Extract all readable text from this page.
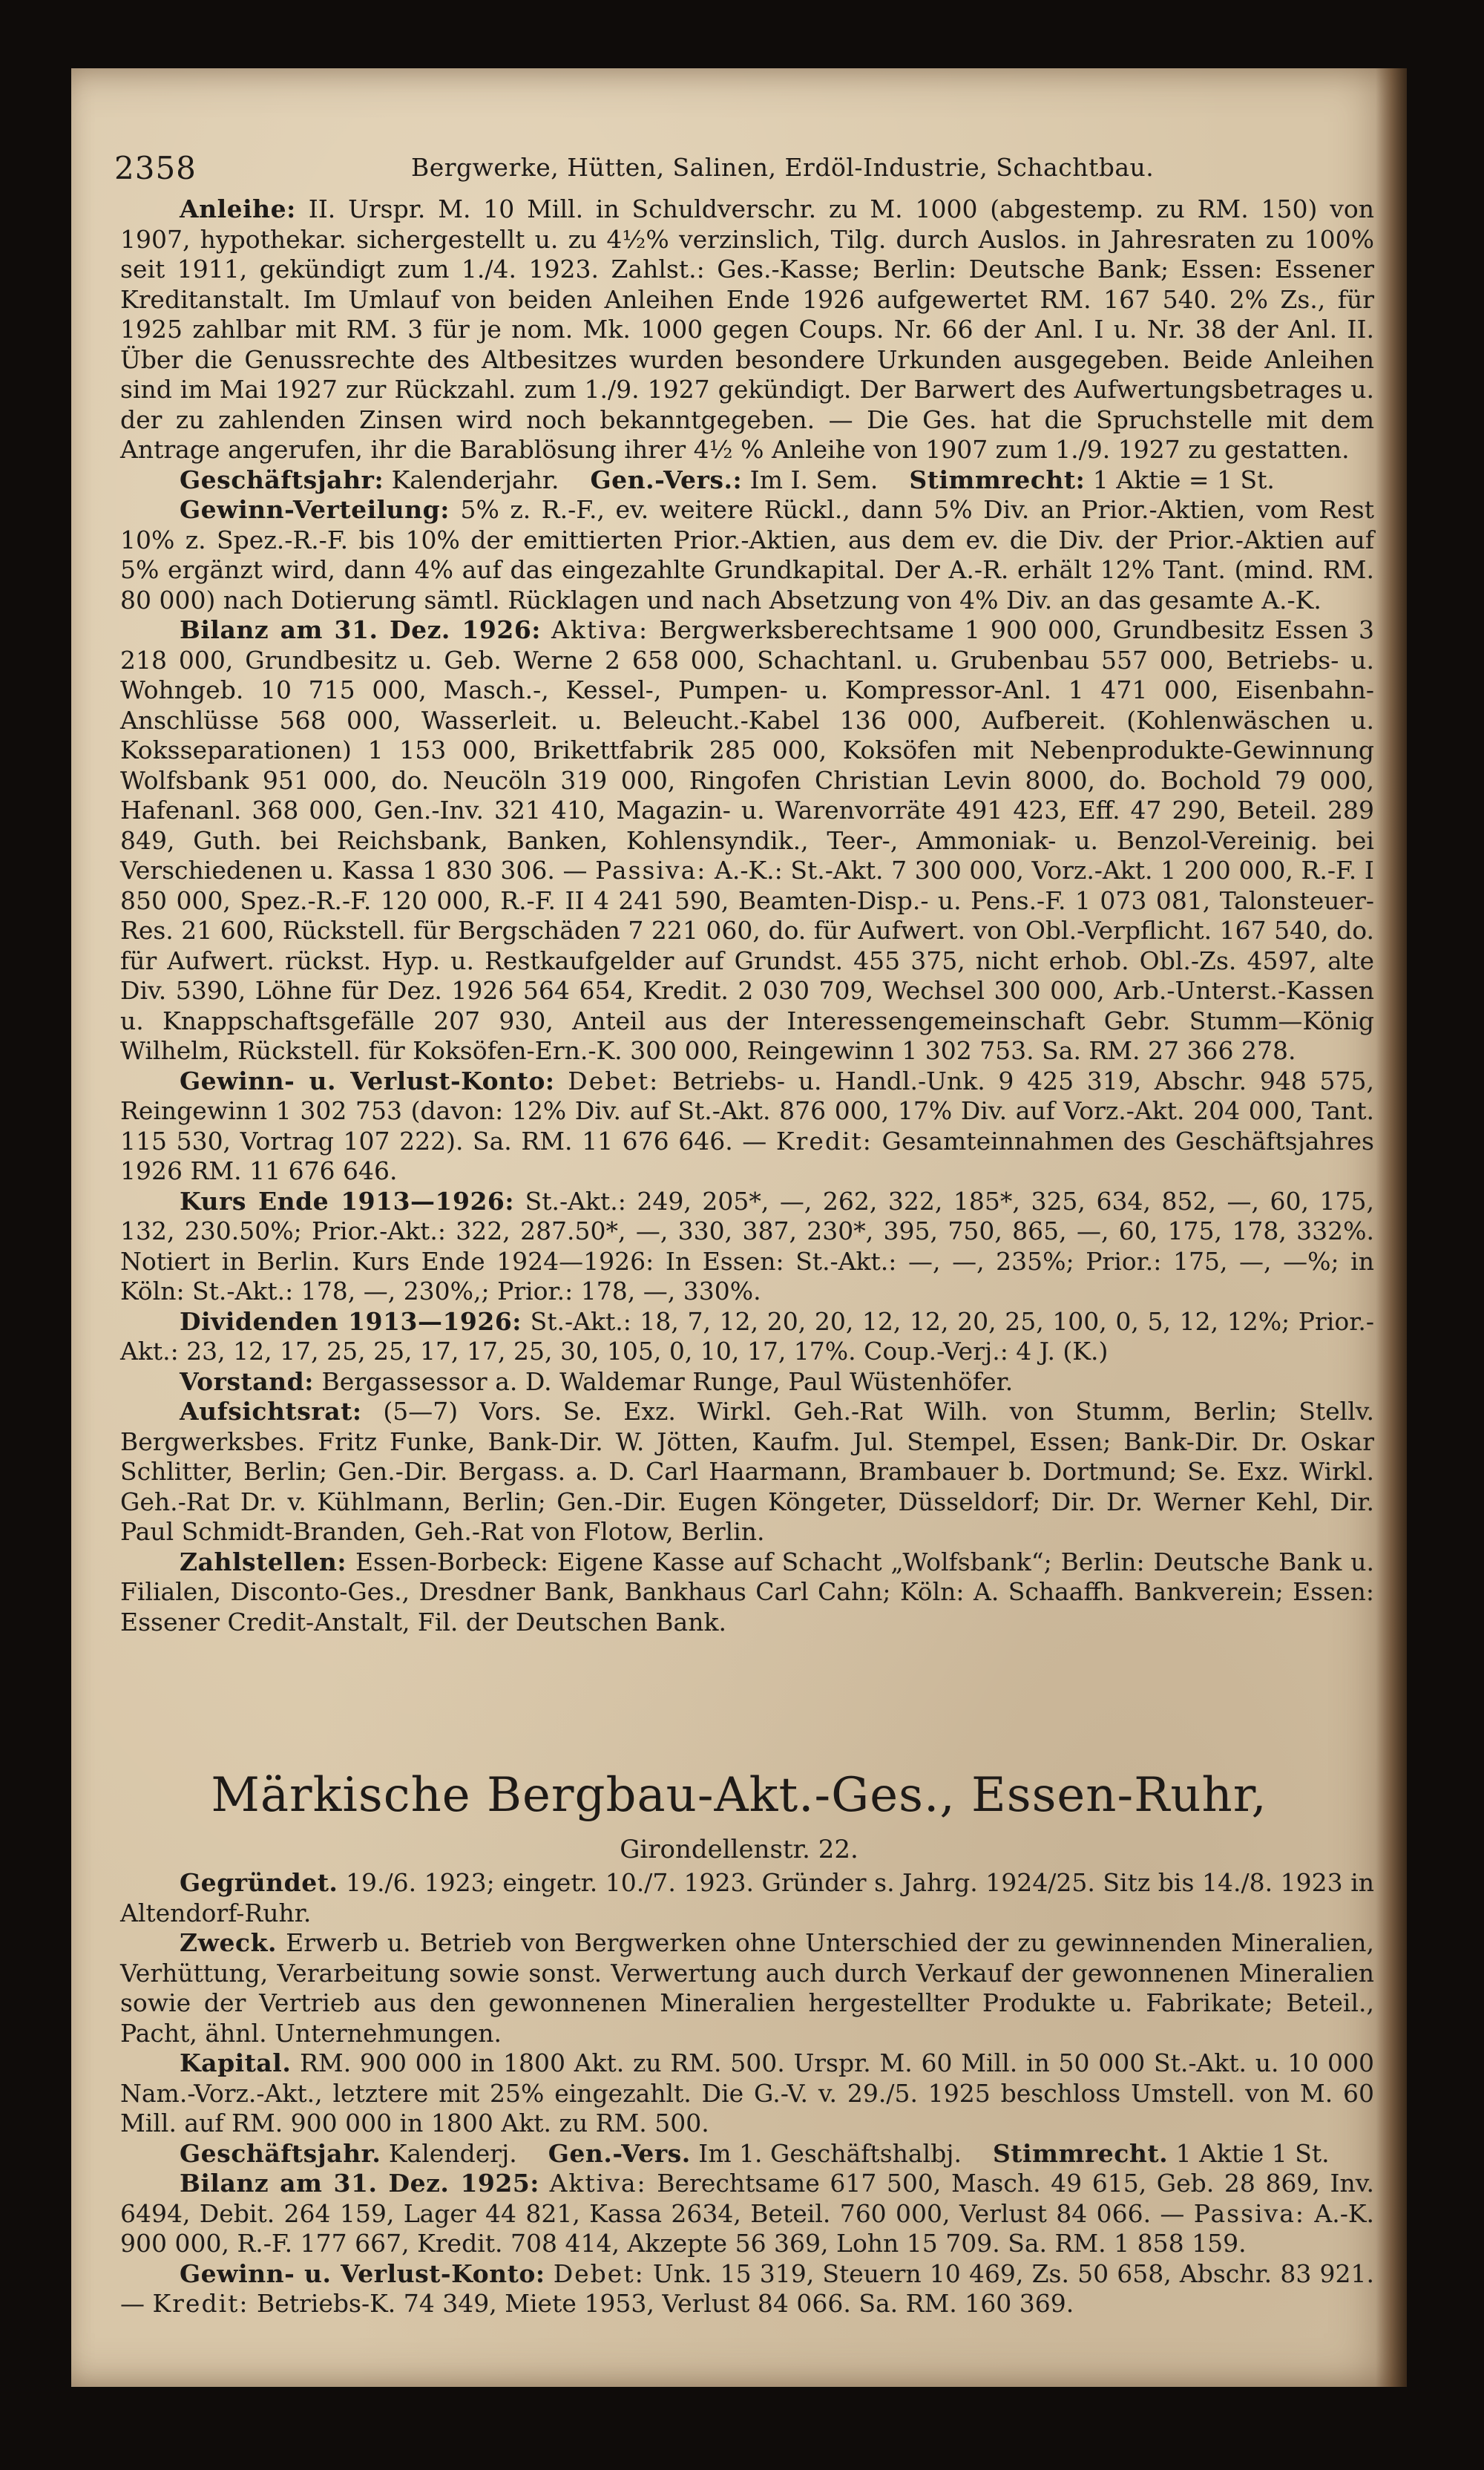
2358	Bergwerke, Hütten, Salinen, Erdöl-Industrie, Schachtbau.

Anleihe: II. Urspr. M. 10 Mill. in Schuldverschr. zu M. 1000 (abgestemp. zu RM. 150) von 1907, hypothekar. sichergestellt u. zu 4½% verzinslich, Tilg. durch Auslos. in Jahresraten zu 100% seit 1911, gekündigt zum 1./4. 1923. Zahlst.: Ges.-Kasse; Berlin: Deutsche Bank; Essen: Essener Kreditanstalt. Im Umlauf von beiden Anleihen Ende 1926 aufgewertet RM. 167 540. 2% Zs., für 1925 zahlbar mit RM. 3 für je nom. Mk. 1000 gegen Coups. Nr. 66 der Anl. I u. Nr. 38 der Anl. II. Über die Genussrechte des Altbesitzes wurden besondere Urkunden ausgegeben. Beide Anleihen sind im Mai 1927 zur Rückzahl. zum 1./9. 1927 gekündigt. Der Barwert des Aufwertungsbetrages u. der zu zahlenden Zinsen wird noch bekanntgegeben. — Die Ges. hat die Spruchstelle mit dem Antrage angerufen, ihr die Barablösung ihrer 4½ % Anleihe von 1907 zum 1./9. 1927 zu gestatten.

Geschäftsjahr: Kalenderjahr. Gen.-Vers.: Im I. Sem. Stimmrecht: 1 Aktie = 1 St.

Gewinn-Verteilung: 5% z. R.-F., ev. weitere Rückl., dann 5% Div. an Prior.-Aktien, vom Rest 10% z. Spez.-R.-F. bis 10% der emittierten Prior.-Aktien, aus dem ev. die Div. der Prior.-Aktien auf 5% ergänzt wird, dann 4% auf das eingezahlte Grundkapital. Der A.-R. erhält 12% Tant. (mind. RM. 80 000) nach Dotierung sämtl. Rücklagen und nach Absetzung von 4% Div. an das gesamte A.-K.

Bilanz am 31. Dez. 1926: Aktiva: Bergwerksberechtsame 1 900 000, Grundbesitz Essen 3 218 000, Grundbesitz u. Geb. Werne 2 658 000, Schachtanl. u. Grubenbau 557 000, Betriebs- u. Wohngeb. 10 715 000, Masch.-, Kessel-, Pumpen- u. Kompressor-Anl. 1 471 000, Eisenbahn-Anschlüsse 568 000, Wasserleit. u. Beleucht.-Kabel 136 000, Aufbereit. (Kohlenwäschen u. Koksseparationen) 1 153 000, Brikettfabrik 285 000, Koksöfen mit Nebenprodukte-Gewinnung Wolfsbank 951 000, do. Neucöln 319 000, Ringofen Christian Levin 8000, do. Bochold 79 000, Hafenanl. 368 000, Gen.-Inv. 321 410, Magazin- u. Warenvorräte 491 423, Eff. 47 290, Beteil. 289 849, Guth. bei Reichsbank, Banken, Kohlensyndik., Teer-, Ammoniak- u. Benzol-Vereinig. bei Verschiedenen u. Kassa 1 830 306. — Passiva: A.-K.: St.-Akt. 7 300 000, Vorz.-Akt. 1 200 000, R.-F. I 850 000, Spez.-R.-F. 120 000, R.-F. II 4 241 590, Beamten-Disp.- u. Pens.-F. 1 073 081, Talonsteuer-Res. 21 600, Rückstell. für Bergschäden 7 221 060, do. für Aufwert. von Obl.-Verpflicht. 167 540, do. für Aufwert. rückst. Hyp. u. Restkaufgelder auf Grundst. 455 375, nicht erhob. Obl.-Zs. 4597, alte Div. 5390, Löhne für Dez. 1926 564 654, Kredit. 2 030 709, Wechsel 300 000, Arb.-Unterst.-Kassen u. Knappschaftsgefälle 207 930, Anteil aus der Interessengemeinschaft Gebr. Stumm—König Wilhelm, Rückstell. für Koksöfen-Ern.-K. 300 000, Reingewinn 1 302 753. Sa. RM. 27 366 278.

Gewinn- u. Verlust-Konto: Debet: Betriebs- u. Handl.-Unk. 9 425 319, Abschr. 948 575, Reingewinn 1 302 753 (davon: 12% Div. auf St.-Akt. 876 000, 17% Div. auf Vorz.-Akt. 204 000, Tant. 115 530, Vortrag 107 222). Sa. RM. 11 676 646. — Kredit: Gesamteinnahmen des Geschäftsjahres 1926 RM. 11 676 646.

Kurs Ende 1913—1926: St.-Akt.: 249, 205*, —, 262, 322, 185*, 325, 634, 852, —, 60, 175, 132, 230.50%; Prior.-Akt.: 322, 287.50*, —, 330, 387, 230*, 395, 750, 865, —, 60, 175, 178, 332%. Notiert in Berlin. Kurs Ende 1924—1926: In Essen: St.-Akt.: —, —, 235%; Prior.: 175, —, —%; in Köln: St.-Akt.: 178, —, 230%,; Prior.: 178, —, 330%.

Dividenden 1913—1926: St.-Akt.: 18, 7, 12, 20, 20, 12, 12, 20, 25, 100, 0, 5, 12, 12%; Prior.-Akt.: 23, 12, 17, 25, 25, 17, 17, 25, 30, 105, 0, 10, 17, 17%. Coup.-Verj.: 4 J. (K.)

Vorstand: Bergassessor a. D. Waldemar Runge, Paul Wüstenhöfer.

Aufsichtsrat: (5—7) Vors. Se. Exz. Wirkl. Geh.-Rat Wilh. von Stumm, Berlin; Stellv. Bergwerksbes. Fritz Funke, Bank-Dir. W. Jötten, Kaufm. Jul. Stempel, Essen; Bank-Dir. Dr. Oskar Schlitter, Berlin; Gen.-Dir. Bergass. a. D. Carl Haarmann, Brambauer b. Dortmund; Se. Exz. Wirkl. Geh.-Rat Dr. v. Kühlmann, Berlin; Gen.-Dir. Eugen Köngeter, Düsseldorf; Dir. Dr. Werner Kehl, Dir. Paul Schmidt-Branden, Geh.-Rat von Flotow, Berlin.

Zahlstellen: Essen-Borbeck: Eigene Kasse auf Schacht „Wolfsbank“; Berlin: Deutsche Bank u. Filialen, Disconto-Ges., Dresdner Bank, Bankhaus Carl Cahn; Köln: A. Schaaffh. Bankverein; Essen: Essener Credit-Anstalt, Fil. der Deutschen Bank.

Märkische Bergbau-Akt.-Ges., Essen-Ruhr,
Girondellenstr. 22.

Gegründet. 19./6. 1923; eingetr. 10./7. 1923. Gründer s. Jahrg. 1924/25. Sitz bis 14./8. 1923 in Altendorf-Ruhr.

Zweck. Erwerb u. Betrieb von Bergwerken ohne Unterschied der zu gewinnenden Mineralien, Verhüttung, Verarbeitung sowie sonst. Verwertung auch durch Verkauf der gewonnenen Mineralien sowie der Vertrieb aus den gewonnenen Mineralien hergestellter Produkte u. Fabrikate; Beteil., Pacht, ähnl. Unternehmungen.

Kapital. RM. 900 000 in 1800 Akt. zu RM. 500. Urspr. M. 60 Mill. in 50 000 St.-Akt. u. 10 000 Nam.-Vorz.-Akt., letztere mit 25% eingezahlt. Die G.-V. v. 29./5. 1925 beschloss Umstell. von M. 60 Mill. auf RM. 900 000 in 1800 Akt. zu RM. 500.

Geschäftsjahr. Kalenderj. Gen.-Vers. Im 1. Geschäftshalbj. Stimmrecht. 1 Aktie 1 St.

Bilanz am 31. Dez. 1925: Aktiva: Berechtsame 617 500, Masch. 49 615, Geb. 28 869, Inv. 6494, Debit. 264 159, Lager 44 821, Kassa 2634, Beteil. 760 000, Verlust 84 066. — Passiva: A.-K. 900 000, R.-F. 177 667, Kredit. 708 414, Akzepte 56 369, Lohn 15 709. Sa. RM. 1 858 159.

Gewinn- u. Verlust-Konto: Debet: Unk. 15 319, Steuern 10 469, Zs. 50 658, Abschr. 83 921. — Kredit: Betriebs-K. 74 349, Miete 1953, Verlust 84 066. Sa. RM. 160 369.
